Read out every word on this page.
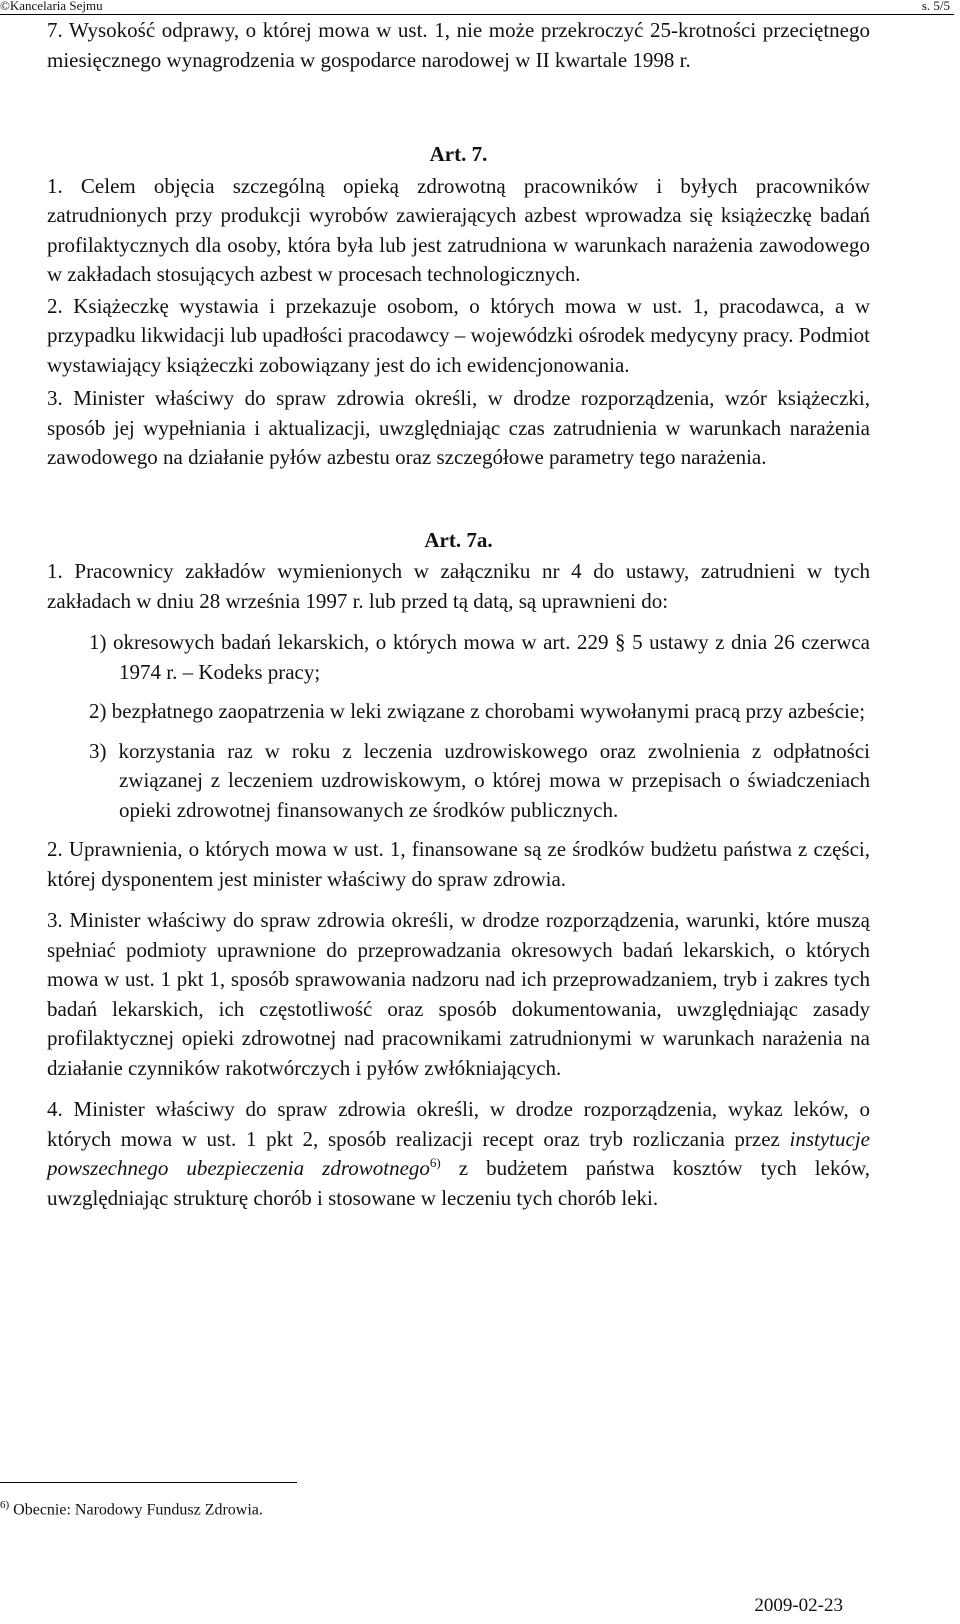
©Kancelaria Sejmu	s. 5/5

7. Wysokość odprawy, o której mowa w ust. 1, nie może przekroczyć 25-krotności przeciętnego miesięcznego wynagrodzenia w gospodarce narodowej w II kwartale 1998 r.

Art. 7.

1. Celem objęcia szczególną opieką zdrowotną pracowników i byłych pracowników zatrudnionych przy produkcji wyrobów zawierających azbest wprowadza się książeczkę badań profilaktycznych dla osoby, która była lub jest zatrudniona w warunkach narażenia zawodowego w zakładach stosujących azbest w procesach technologicznych.

2. Książeczkę wystawia i przekazuje osobom, o których mowa w ust. 1, pracodawca, a w przypadku likwidacji lub upadłości pracodawcy – wojewódzki ośrodek medycyny pracy. Podmiot wystawiający książeczki zobowiązany jest do ich ewidencjonowania.

3. Minister właściwy do spraw zdrowia określi, w drodze rozporządzenia, wzór książeczki, sposób jej wypełniania i aktualizacji, uwzględniając czas zatrudnienia w warunkach narażenia zawodowego na działanie pyłów azbestu oraz szczegółowe parametry tego narażenia.

Art. 7a.

1. Pracownicy zakładów wymienionych w załączniku nr 4 do ustawy, zatrudnieni w tych zakładach w dniu 28 września 1997 r. lub przed tą datą, są uprawnieni do:

1) okresowych badań lekarskich, o których mowa w art. 229 § 5 ustawy z dnia 26 czerwca 1974 r. – Kodeks pracy;

2) bezpłatnego zaopatrzenia w leki związane z chorobami wywołanymi pracą przy azbeście;

3) korzystania raz w roku z leczenia uzdrowiskowego oraz zwolnienia z odpłatności związanej z leczeniem uzdrowiskowym, o której mowa w przepisach o świadczeniach opieki zdrowotnej finansowanych ze środków publicznych.

2. Uprawnienia, o których mowa w ust. 1, finansowane są ze środków budżetu państwa z części, której dysponentem jest minister właściwy do spraw zdrowia.

3. Minister właściwy do spraw zdrowia określi, w drodze rozporządzenia, warunki, które muszą spełniać podmioty uprawnione do przeprowadzania okresowych badań lekarskich, o których mowa w ust. 1 pkt 1, sposób sprawowania nadzoru nad ich przeprowadzaniem, tryb i zakres tych badań lekarskich, ich częstotliwość oraz sposób dokumentowania, uwzględniając zasady profilaktycznej opieki zdrowotnej nad pracownikami zatrudnionymi w warunkach narażenia na działanie czynników rakotwórczych i pyłów zwłókniających.

4. Minister właściwy do spraw zdrowia określi, w drodze rozporządzenia, wykaz leków, o których mowa w ust. 1 pkt 2, sposób realizacji recept oraz tryb rozliczania przez instytucje powszechnego ubezpieczenia zdrowotnego$^{6)}$ z budżetem państwa kosztów tych leków, uwzględniając strukturę chorób i stosowane w leczeniu tych chorób leki.

$^{6)}$ Obecnie: Narodowy Fundusz Zdrowia.
2009-02-23
